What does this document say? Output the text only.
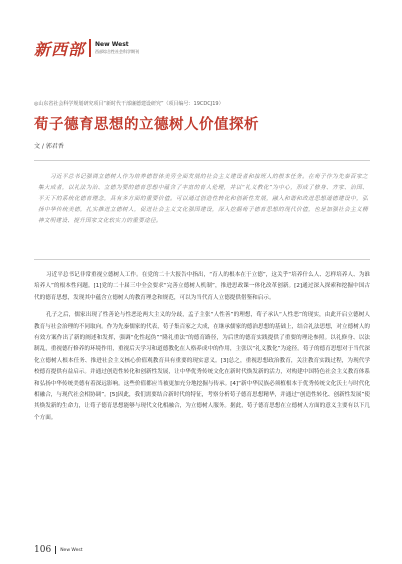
新西部 New West
西部综合性社会科学期刊
◎山东省社会科学规划研究项目“新时代干部廉德建设研究”（项目编号：19CDCJ19）
荀子德育思想的立德树人价值探析
文 / 郭君香

习近平总书记强调立德树人作为培养德智体美劳全面发展的社会主义建设者和接班人的根本任务。在荀子作为先秦百家之集大成者，以礼法为治、立德为要的德育思想中蕴含了丰富的育人伦理，并以“礼义教化”为中心，形成了修身、齐家、治国、平天下的系统化德育理念，具有多方面的重要价值。可以通过创造性转化和创新性发展，融入和谐和改进思想道德建设中，弘扬中华传统美德，扎实推进立德树人，促进社会主义文化强国建设，深入挖掘荀子德育思想的现代价值，也是加强社会主义精神文明建设、提升国家文化软实力的重要途径。

习近平总书记非常重视立德树人工作。在党的二十大报告中指出，“育人的根本在于立德”，这关乎“培养什么人、怎样培养人、为谁培养人”的根本性问题。[1]党的二十届三中全会要求“完善立德树人机制”，推进思政课一体化改革创新。[2]通过深入探索和挖掘中国古代的德育思想，发现其中蕴含立德树人的教育理念和规范，可以为当代育人立德提供借鉴和启示。

孔子之后，儒家出现了性善论与性恶论两大主义的分歧，孟子主张“人性善”的理想，荀子承认“人性恶”的现实，由此开启立德树人教育与社会治理的不同取向。作为先秦儒家的代表，荀子集百家之大成，在继承儒家的德治思想的基础上，结合礼法思想，对立德树人的有效方案作出了新的阐述和发挥，强调“化性起伪”“隆礼重法”的德育路径，为后世的德育实践提供了重要的理论参照。以礼修身、以法制乱，重视德行修养的环境作用，重视后天学习和道德教化在人格养成中的作用，主张以“礼义教化”为途径。荀子的德育思想对于当代深化立德树人根本任务、推进社会主义核心价值观教育具有重要的现实意义。[3]总之，重视思想政治教育，关注教育实践过程，为现代学校德育提供有益启示。并通过创造性转化和创新性发展，让中华优秀传统文化在新时代焕发新的活力，对构建中国特色社会主义教育体系和弘扬中华传统美德有着深远影响。这些价值都应当被更加充分地挖掘与传承。[4]“新中华民族必须植根本于优秀传统文化沃土与时代化相融合，与现代社会相协调”。[5]因此，我们需要结合新时代的特征，考察分析荀子德育思想精华，并通过“创造性转化、创新性发展”使其焕发新的生命力，让荀子德育思想能够与现代文化相融合，为立德树人服务。据此，荀子德育思想在立德树人方面的意义主要有以下几个方面。

106 New West
